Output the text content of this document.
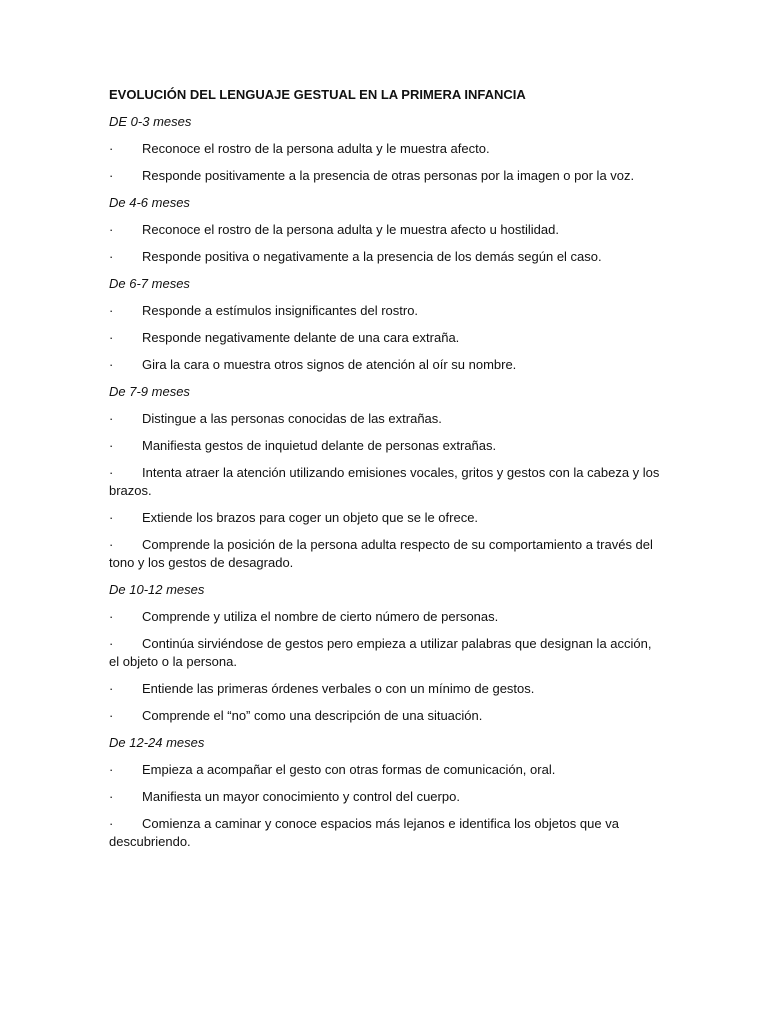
EVOLUCIÓN DEL LENGUAJE GESTUAL EN LA PRIMERA INFANCIA
DE 0-3 meses
· Reconoce el rostro de la persona adulta y le muestra afecto.
· Responde positivamente a la presencia de otras personas por la imagen o por la voz.
De 4-6 meses
· Reconoce el rostro de la persona adulta y le muestra afecto u hostilidad.
· Responde positiva o negativamente a la presencia de los demás según el caso.
De 6-7 meses
· Responde a estímulos insignificantes del rostro.
· Responde negativamente delante de una cara extraña.
· Gira la cara o muestra otros signos de atención al oír su nombre.
De 7-9 meses
· Distingue a las personas conocidas de las extrañas.
· Manifiesta gestos de inquietud delante de personas extrañas.
· Intenta atraer la atención utilizando emisiones vocales, gritos y gestos con la cabeza y los brazos.
· Extiende los brazos para coger un objeto que se le ofrece.
· Comprende la posición de la persona adulta respecto de su comportamiento a través del tono y los gestos de desagrado.
De 10-12 meses
· Comprende y utiliza el nombre de cierto número de personas.
· Continúa sirviéndose de gestos pero empieza a utilizar palabras que designan la acción, el objeto o la persona.
· Entiende las primeras órdenes verbales o con un mínimo de gestos.
· Comprende el “no” como una descripción de una situación.
De 12-24 meses
· Empieza a acompañar el gesto con otras formas de comunicación, oral.
· Manifiesta un mayor conocimiento y control del cuerpo.
· Comienza a caminar y conoce espacios más lejanos e identifica los objetos que va descubriendo.
